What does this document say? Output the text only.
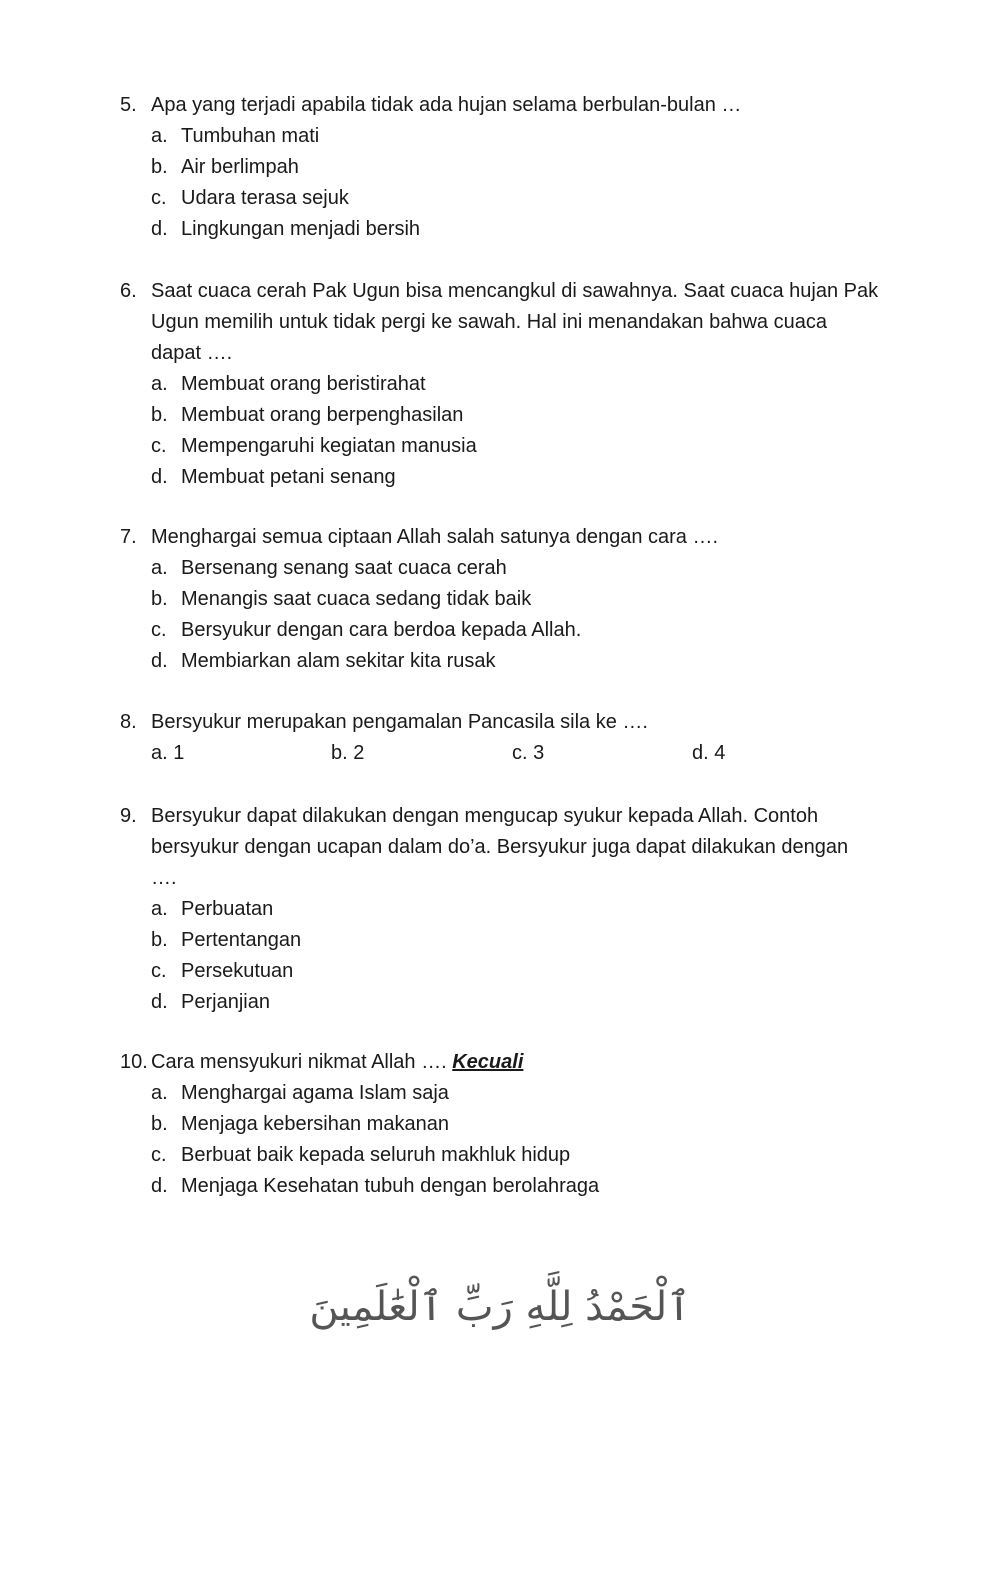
5. Apa yang terjadi apabila tidak ada hujan selama berbulan-bulan …
a. Tumbuhan mati
b. Air berlimpah
c. Udara terasa sejuk
d. Lingkungan menjadi bersih
6. Saat cuaca cerah Pak Ugun bisa mencangkul di sawahnya. Saat cuaca hujan Pak
Ugun memilih untuk tidak pergi ke sawah. Hal ini menandakan bahwa cuaca
dapat ….
a. Membuat orang beristirahat
b. Membuat orang berpenghasilan
c. Mempengaruhi kegiatan manusia
d. Membuat petani senang
7. Menghargai semua ciptaan Allah salah satunya dengan cara ….
a. Bersenang senang saat cuaca cerah
b. Menangis saat cuaca sedang tidak baik
c. Bersyukur dengan cara berdoa kepada Allah.
d. Membiarkan alam sekitar kita rusak
8. Bersyukur merupakan pengamalan Pancasila sila ke ….
a. 1	b. 2	c. 3	d. 4
9. Bersyukur dapat dilakukan dengan mengucap syukur kepada Allah. Contoh
bersyukur dengan ucapan dalam do’a. Bersyukur juga dapat dilakukan dengan
….
a. Perbuatan
b. Pertentangan
c. Persekutuan
d. Perjanjian
10. Cara mensyukuri nikmat Allah …. Kecuali
a. Menghargai agama Islam saja
b. Menjaga kebersihan makanan
c. Berbuat baik kepada seluruh makhluk hidup
d. Menjaga Kesehatan tubuh dengan berolahraga
ٱلْحَمْدُ لِلَّهِ رَبِّ ٱلْعَٰلَمِينَ
